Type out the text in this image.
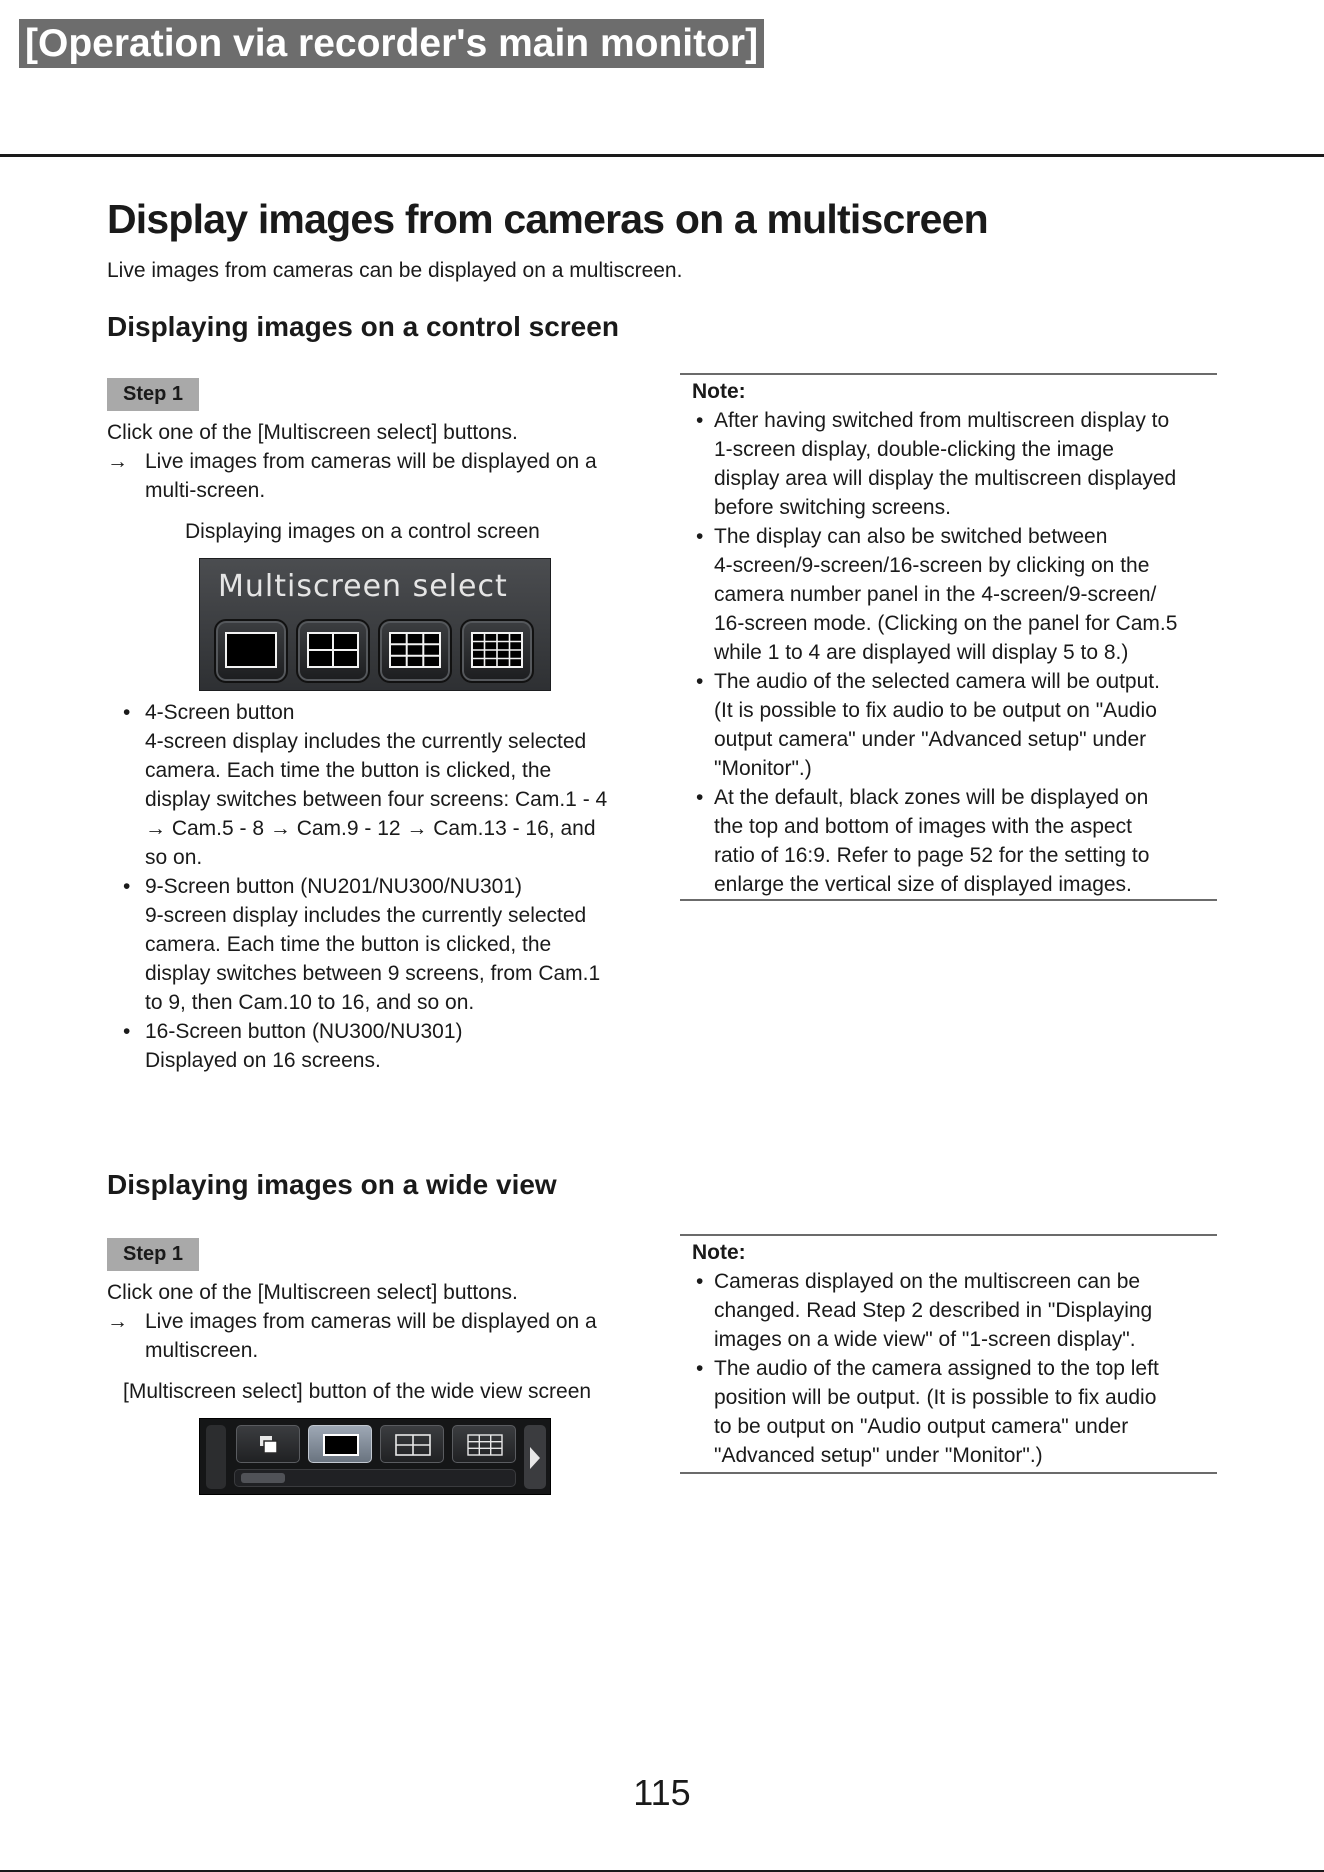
[Operation via recorder's main monitor]
Display images from cameras on a multiscreen

Live images from cameras can be displayed on a multiscreen.

Displaying images on a control screen
Step 1

Click one of the [Multiscreen select] buttons.

→ Live images from cameras will be displayed on a multi-screen.

Displaying images on a control screen
Multiscreen select
• 4-Screen button
4-screen display includes the currently selected
camera. Each time the button is clicked, the
display switches between four screens: Cam.1 - 4
→ Cam.5 - 8 → Cam.9 - 12 → Cam.13 - 16, and
so on.
• 9-Screen button (NU201/NU300/NU301)
9-screen display includes the currently selected
camera. Each time the button is clicked, the
display switches between 9 screens, from Cam.1
to 9, then Cam.10 to 16, and so on.
• 16-Screen button (NU300/NU301)
Displayed on 16 screens.
Note:
• After having switched from multiscreen display to
1-screen display, double-clicking the image
display area will display the multiscreen displayed
before switching screens.
• The display can also be switched between
4-screen/9-screen/16-screen by clicking on the
camera number panel in the 4-screen/9-screen/
16-screen mode. (Clicking on the panel for Cam.5
while 1 to 4 are displayed will display 5 to 8.)
• The audio of the selected camera will be output.
(It is possible to fix audio to be output on "Audio
output camera" under "Advanced setup" under
"Monitor".)
• At the default, black zones will be displayed on
the top and bottom of images with the aspect
ratio of 16:9. Refer to page 52 for the setting to
enlarge the vertical size of displayed images.
Displaying images on a wide view
Step 1

Click one of the [Multiscreen select] buttons.

→ Live images from cameras will be displayed on a multiscreen.

[Multiscreen select] button of the wide view screen
Note:
• Cameras displayed on the multiscreen can be
changed. Read Step 2 described in "Displaying
images on a wide view" of "1-screen display".
• The audio of the camera assigned to the top left
position will be output. (It is possible to fix audio
to be output on "Audio output camera" under
"Advanced setup" under "Monitor".)
115
